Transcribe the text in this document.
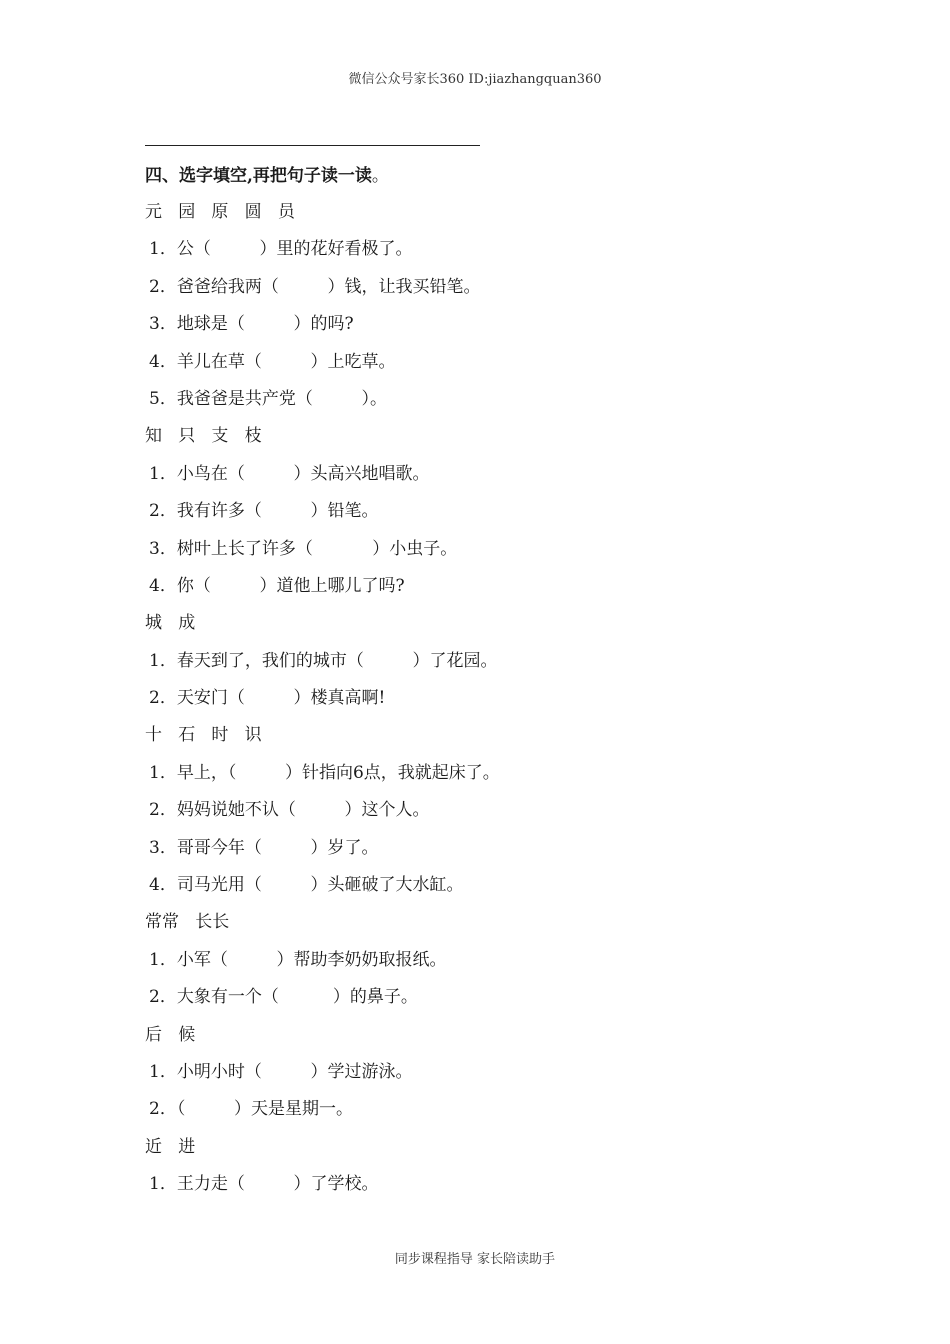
微信公众号家长360 ID:jiazhangquan360
四、选字填空,再把句子读一读。
元   园   原   圆   员
1．公（         ）里的花好看极了。
2．爸爸给我两（         ）钱，让我买铅笔。
3．地球是（         ）的吗?
4．羊儿在草（         ）上吃草。
5．我爸爸是共产党（         ）。
知   只   支   枝
1．小鸟在（         ）头高兴地唱歌。
2．我有许多（         ）铅笔。
3．树叶上长了许多（           ）小虫子。
4．你（         ）道他上哪儿了吗?
城   成
1．春天到了，我们的城市（         ）了花园。
2．天安门（         ）楼真高啊!
十   石   时   识
1．早上，（         ）针指向6点，我就起床了。
2．妈妈说她不认（         ）这个人。
3．哥哥今年（         ）岁了。
4．司马光用（         ）头砸破了大水缸。
常常   长长
1．小军（         ）帮助李奶奶取报纸。
2．大象有一个（          ）的鼻子。
后   候
1．小明小时（         ）学过游泳。
2．（         ）天是星期一。
近   进
1．王力走（         ）了学校。
同步课程指导 家长陪读助手
